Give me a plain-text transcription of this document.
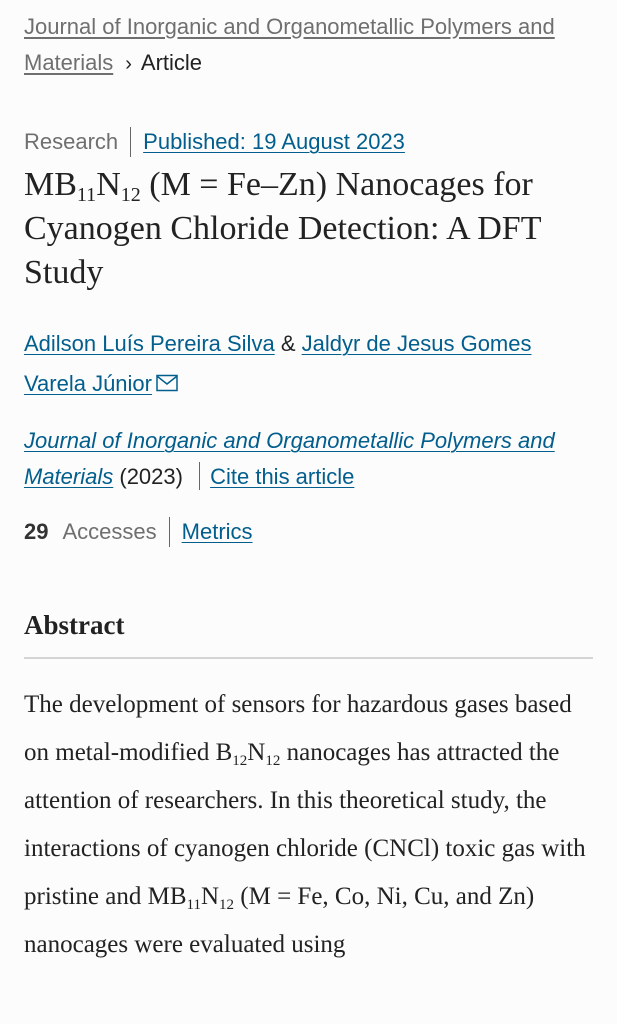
Journal of Inorganic and Organometallic Polymers and Materials › Article
Research Published: 19 August 2023
$MB_{11}N_{12}$ (M = Fe–Zn) Nanocages for Cyanogen Chloride Detection: A DFT Study
Adilson Luís Pereira Silva & Jaldyr de Jesus Gomes Varela Júnior
Journal of Inorganic and Organometallic Polymers and Materials (2023) Cite this article
29 Accesses Metrics
Abstract

The development of sensors for hazardous gases based on metal-modified $B_{12}N_{12}$ nanocages has attracted the attention of researchers. In this theoretical study, the interactions of cyanogen chloride (CNCl) toxic gas with pristine and $MB_{11}N_{12}$ (M = Fe, Co, Ni, Cu, and Zn) nanocages were evaluated using
